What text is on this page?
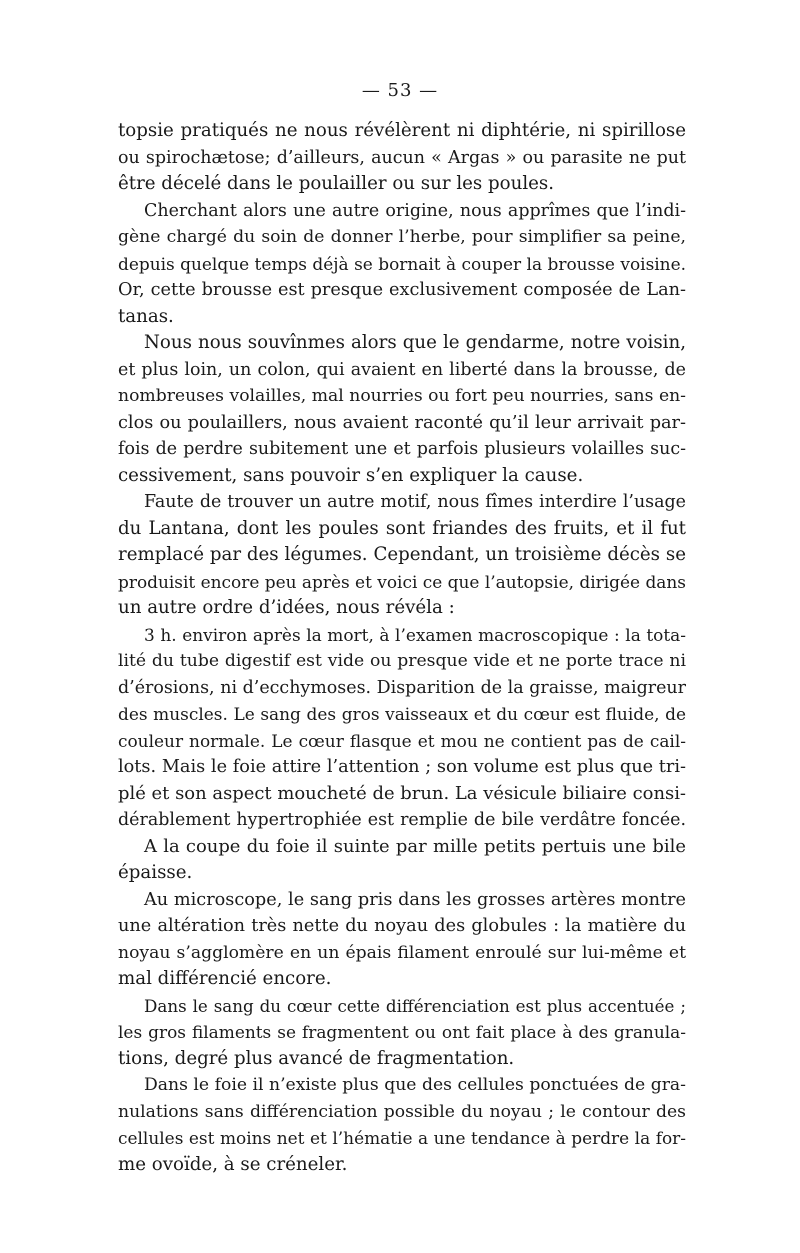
— 53 —
topsie pratiqués ne nous révélèrent ni diphtérie, ni spirillose
ou spirochætose; d’ailleurs, aucun « Argas » ou parasite ne put
être décelé dans le poulailler ou sur les poules.
Cherchant alors une autre origine, nous apprîmes que l’indi-
gène chargé du soin de donner l’herbe, pour simplifier sa peine,
depuis quelque temps déjà se bornait à couper la brousse voisine.
Or, cette brousse est presque exclusivement composée de Lan-
tanas.
Nous nous souvînmes alors que le gendarme, notre voisin,
et plus loin, un colon, qui avaient en liberté dans la brousse, de
nombreuses volailles, mal nourries ou fort peu nourries, sans en-
clos ou poulaillers, nous avaient raconté qu’il leur arrivait par-
fois de perdre subitement une et parfois plusieurs volailles suc-
cessivement, sans pouvoir s’en expliquer la cause.
Faute de trouver un autre motif, nous fîmes interdire l’usage
du Lantana, dont les poules sont friandes des fruits, et il fut
remplacé par des légumes. Cependant, un troisième décès se
produisit encore peu après et voici ce que l’autopsie, dirigée dans
un autre ordre d’idées, nous révéla :
3 h. environ après la mort, à l’examen macroscopique : la tota-
lité du tube digestif est vide ou presque vide et ne porte trace ni
d’érosions, ni d’ecchymoses. Disparition de la graisse, maigreur
des muscles. Le sang des gros vaisseaux et du cœur est fluide, de
couleur normale. Le cœur flasque et mou ne contient pas de cail-
lots. Mais le foie attire l’attention ; son volume est plus que tri-
plé et son aspect moucheté de brun. La vésicule biliaire consi-
dérablement hypertrophiée est remplie de bile verdâtre foncée.
A la coupe du foie il suinte par mille petits pertuis une bile
épaisse.
Au microscope, le sang pris dans les grosses artères montre
une altération très nette du noyau des globules : la matière du
noyau s’agglomère en un épais filament enroulé sur lui-même et
mal différencié encore.
Dans le sang du cœur cette différenciation est plus accentuée ;
les gros filaments se fragmentent ou ont fait place à des granula-
tions, degré plus avancé de fragmentation.
Dans le foie il n’existe plus que des cellules ponctuées de gra-
nulations sans différenciation possible du noyau ; le contour des
cellules est moins net et l’hématie a une tendance à perdre la for-
me ovoïde, à se créneler.
